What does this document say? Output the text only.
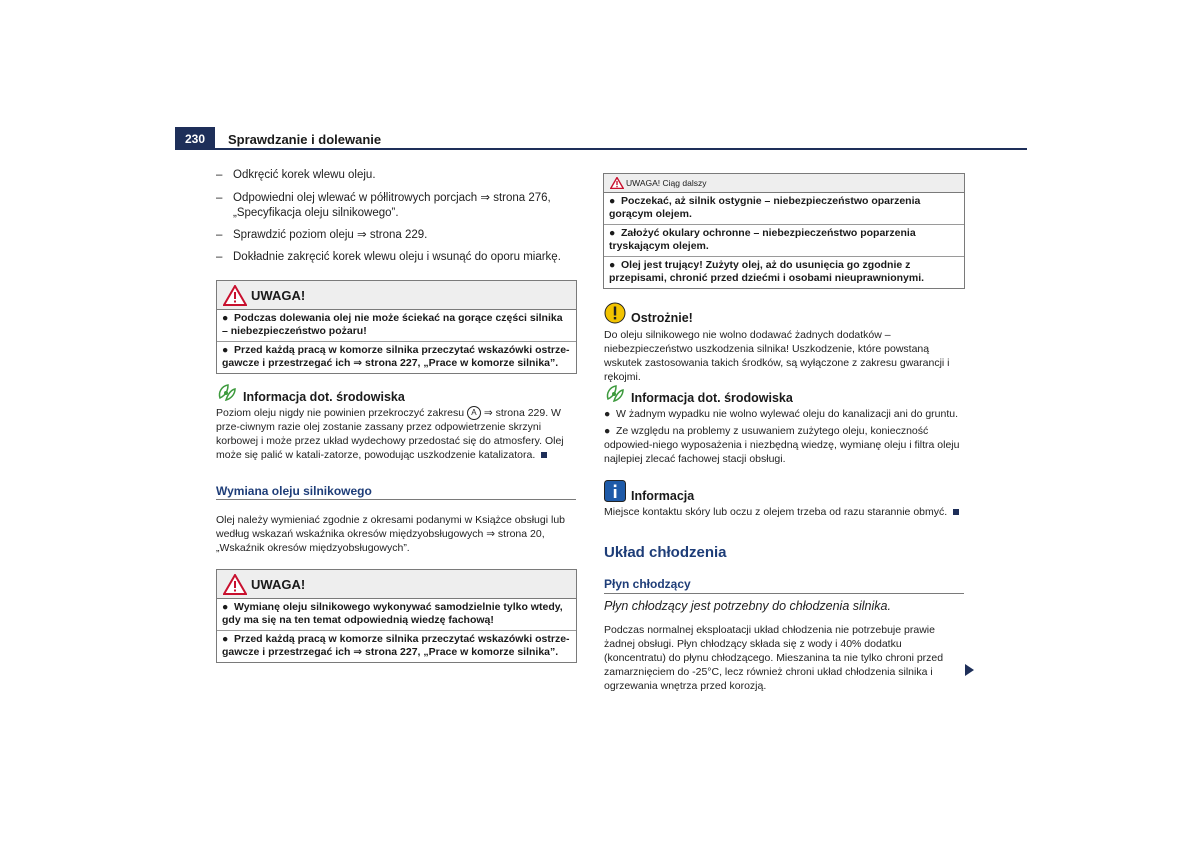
230	Sprawdzanie i dolewanie
– Odkręcić korek wlewu oleju.
– Odpowiedni olej wlewać w półlitrowych porcjach ⇒ strona 276, „Specyfikacja oleju silnikowego”.
– Sprawdzić poziom oleju ⇒ strona 229.
– Dokładnie zakręcić korek wlewu oleju i wsunąć do oporu miarkę.
UWAGA!
● Podczas dolewania olej nie może ściekać na gorące części silnika – niebezpieczeństwo pożaru!
● Przed każdą pracą w komorze silnika przeczytać wskazówki ostrze-gawcze i przestrzegać ich ⇒ strona 227, „Prace w komorze silnika”.
Informacja dot. środowiska
Poziom oleju nigdy nie powinien przekroczyć zakresu A ⇒ strona 229. W prze-ciwnym razie olej zostanie zassany przez odpowietrzenie skrzyni korbowej i może przez układ wydechowy przedostać się do atmosfery. Olej może się palić w katali-zatorze, powodując uszkodzenie katalizatora.
Wymiana oleju silnikowego
Olej należy wymieniać zgodnie z okresami podanymi w Książce obsługi lub według wskazań wskaźnika okresów międzyobsługowych ⇒ strona 20, „Wskaźnik okresów międzyobsługowych”.
UWAGA!
● Wymianę oleju silnikowego wykonywać samodzielnie tylko wtedy, gdy ma się na ten temat odpowiednią wiedzę fachową!
● Przed każdą pracą w komorze silnika przeczytać wskazówki ostrze-gawcze i przestrzegać ich ⇒ strona 227, „Prace w komorze silnika”.
UWAGA! Ciąg dalszy
● Poczekać, aż silnik ostygnie – niebezpieczeństwo oparzenia gorącym olejem.
● Założyć okulary ochronne – niebezpieczeństwo poparzenia tryskającym olejem.
● Olej jest trujący! Zużyty olej, aż do usunięcia go zgodnie z przepisami, chronić przed dziećmi i osobami nieuprawnionymi.
Ostrożnie!
Do oleju silnikowego nie wolno dodawać żadnych dodatków – niebezpieczeństwo uszkodzenia silnika! Uszkodzenie, które powstaną wskutek zastosowania takich środków, są wyłączone z zakresu gwarancji i rękojmi.
Informacja dot. środowiska
● W żadnym wypadku nie wolno wylewać oleju do kanalizacji ani do gruntu.
● Ze względu na problemy z usuwaniem zużytego oleju, konieczność odpowied-niego wyposażenia i niezbędną wiedzę, wymianę oleju i filtra oleju najlepiej zlecać fachowej stacji obsługi.
Informacja
Miejsce kontaktu skóry lub oczu z olejem trzeba od razu starannie obmyć.
Układ chłodzenia
Płyn chłodzący
Płyn chłodzący jest potrzebny do chłodzenia silnika.
Podczas normalnej eksploatacji układ chłodzenia nie potrzebuje prawie żadnej obsługi. Płyn chłodzący składa się z wody i 40% dodatku (koncentratu) do płynu chłodzącego. Mieszanina ta nie tylko chroni przed zamarznięciem do -25°C, lecz również chroni układ chłodzenia silnika i ogrzewania wnętrza przed korozją.
